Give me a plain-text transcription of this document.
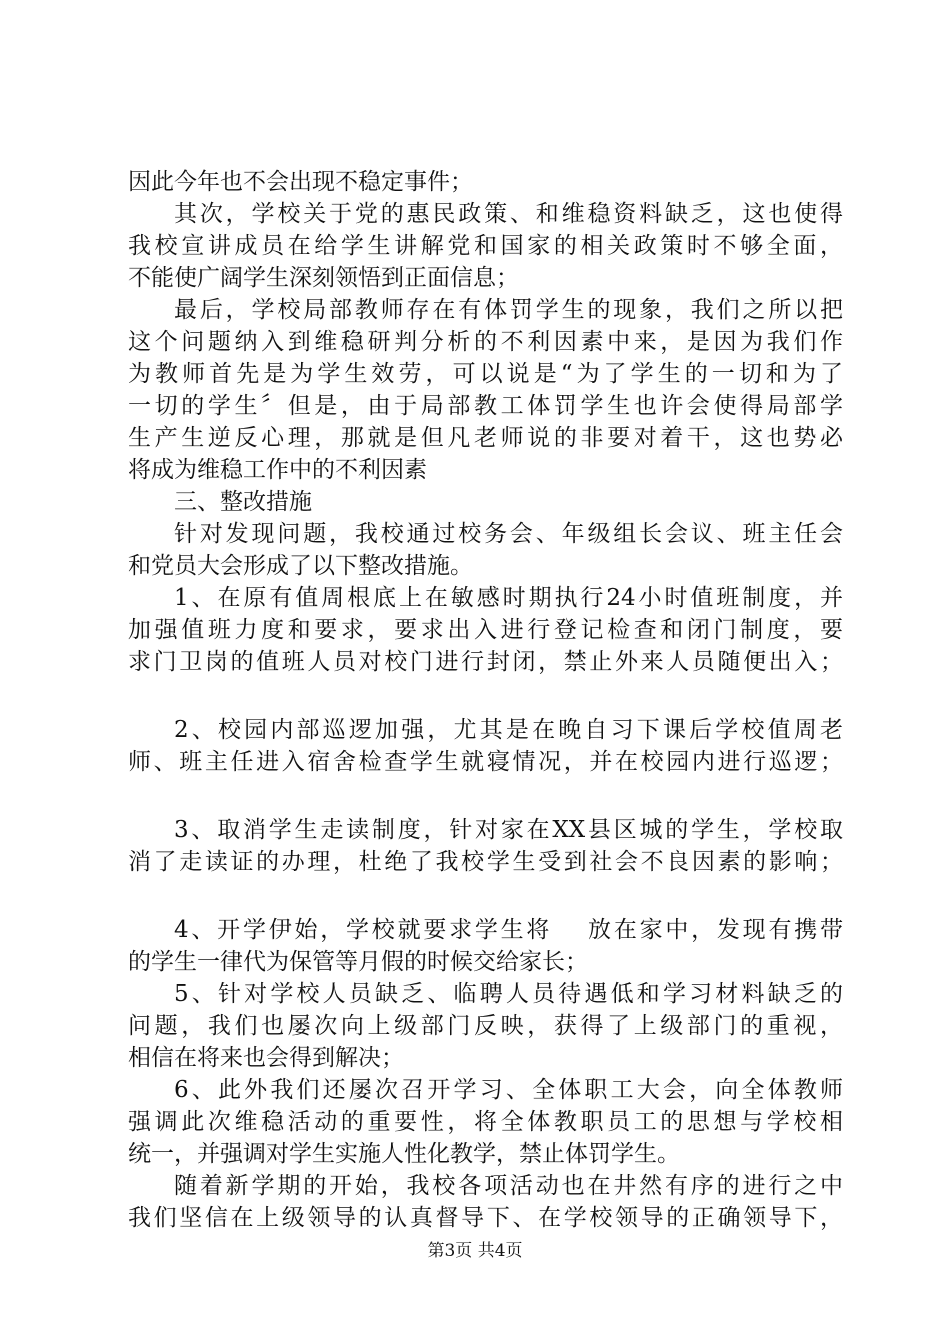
因此今年也不会出现不稳定事件；
其次，学校关于党的惠民政策、和维稳资料缺乏，这也使得
我校宣讲成员在给学生讲解党和国家的相关政策时不够全面，
不能使广阔学生深刻领悟到正面信息；
最后，学校局部教师存在有体罚学生的现象，我们之所以把
这个问题纳入到维稳研判分析的不利因素中来，是因为我们作
为教师首先是为学生效劳，可以说是“为了学生的一切和为了
一切的学生〞但是，由于局部教工体罚学生也许会使得局部学
生产生逆反心理，那就是但凡老师说的非要对着干，这也势必
将成为维稳工作中的不利因素
三、整改措施
针对发现问题，我校通过校务会、年级组长会议、班主任会
和党员大会形成了以下整改措施。
1、在原有值周根底上在敏感时期执行24小时值班制度，并
加强值班力度和要求，要求出入进行登记检查和闭门制度，要
求门卫岗的值班人员对校门进行封闭，禁止外来人员随便出入；
2、校园内部巡逻加强，尤其是在晚自习下课后学校值周老
师、班主任进入宿舍检查学生就寝情况，并在校园内进行巡逻；
3、取消学生走读制度，针对家在XX县区城的学生，学校取
消了走读证的办理，杜绝了我校学生受到社会不良因素的影响；
4、开学伊始，学校就要求学生将　 放在家中，发现有携带
的学生一律代为保管等月假的时候交给家长；
5、针对学校人员缺乏、临聘人员待遇低和学习材料缺乏的
问题，我们也屡次向上级部门反映，获得了上级部门的重视，
相信在将来也会得到解决；
6、此外我们还屡次召开学习、全体职工大会，向全体教师
强调此次维稳活动的重要性，将全体教职员工的思想与学校相
统一，并强调对学生实施人性化教学，禁止体罚学生。
随着新学期的开始，我校各项活动也在井然有序的进行之中
我们坚信在上级领导的认真督导下、在学校领导的正确领导下，
第3页 共4页
